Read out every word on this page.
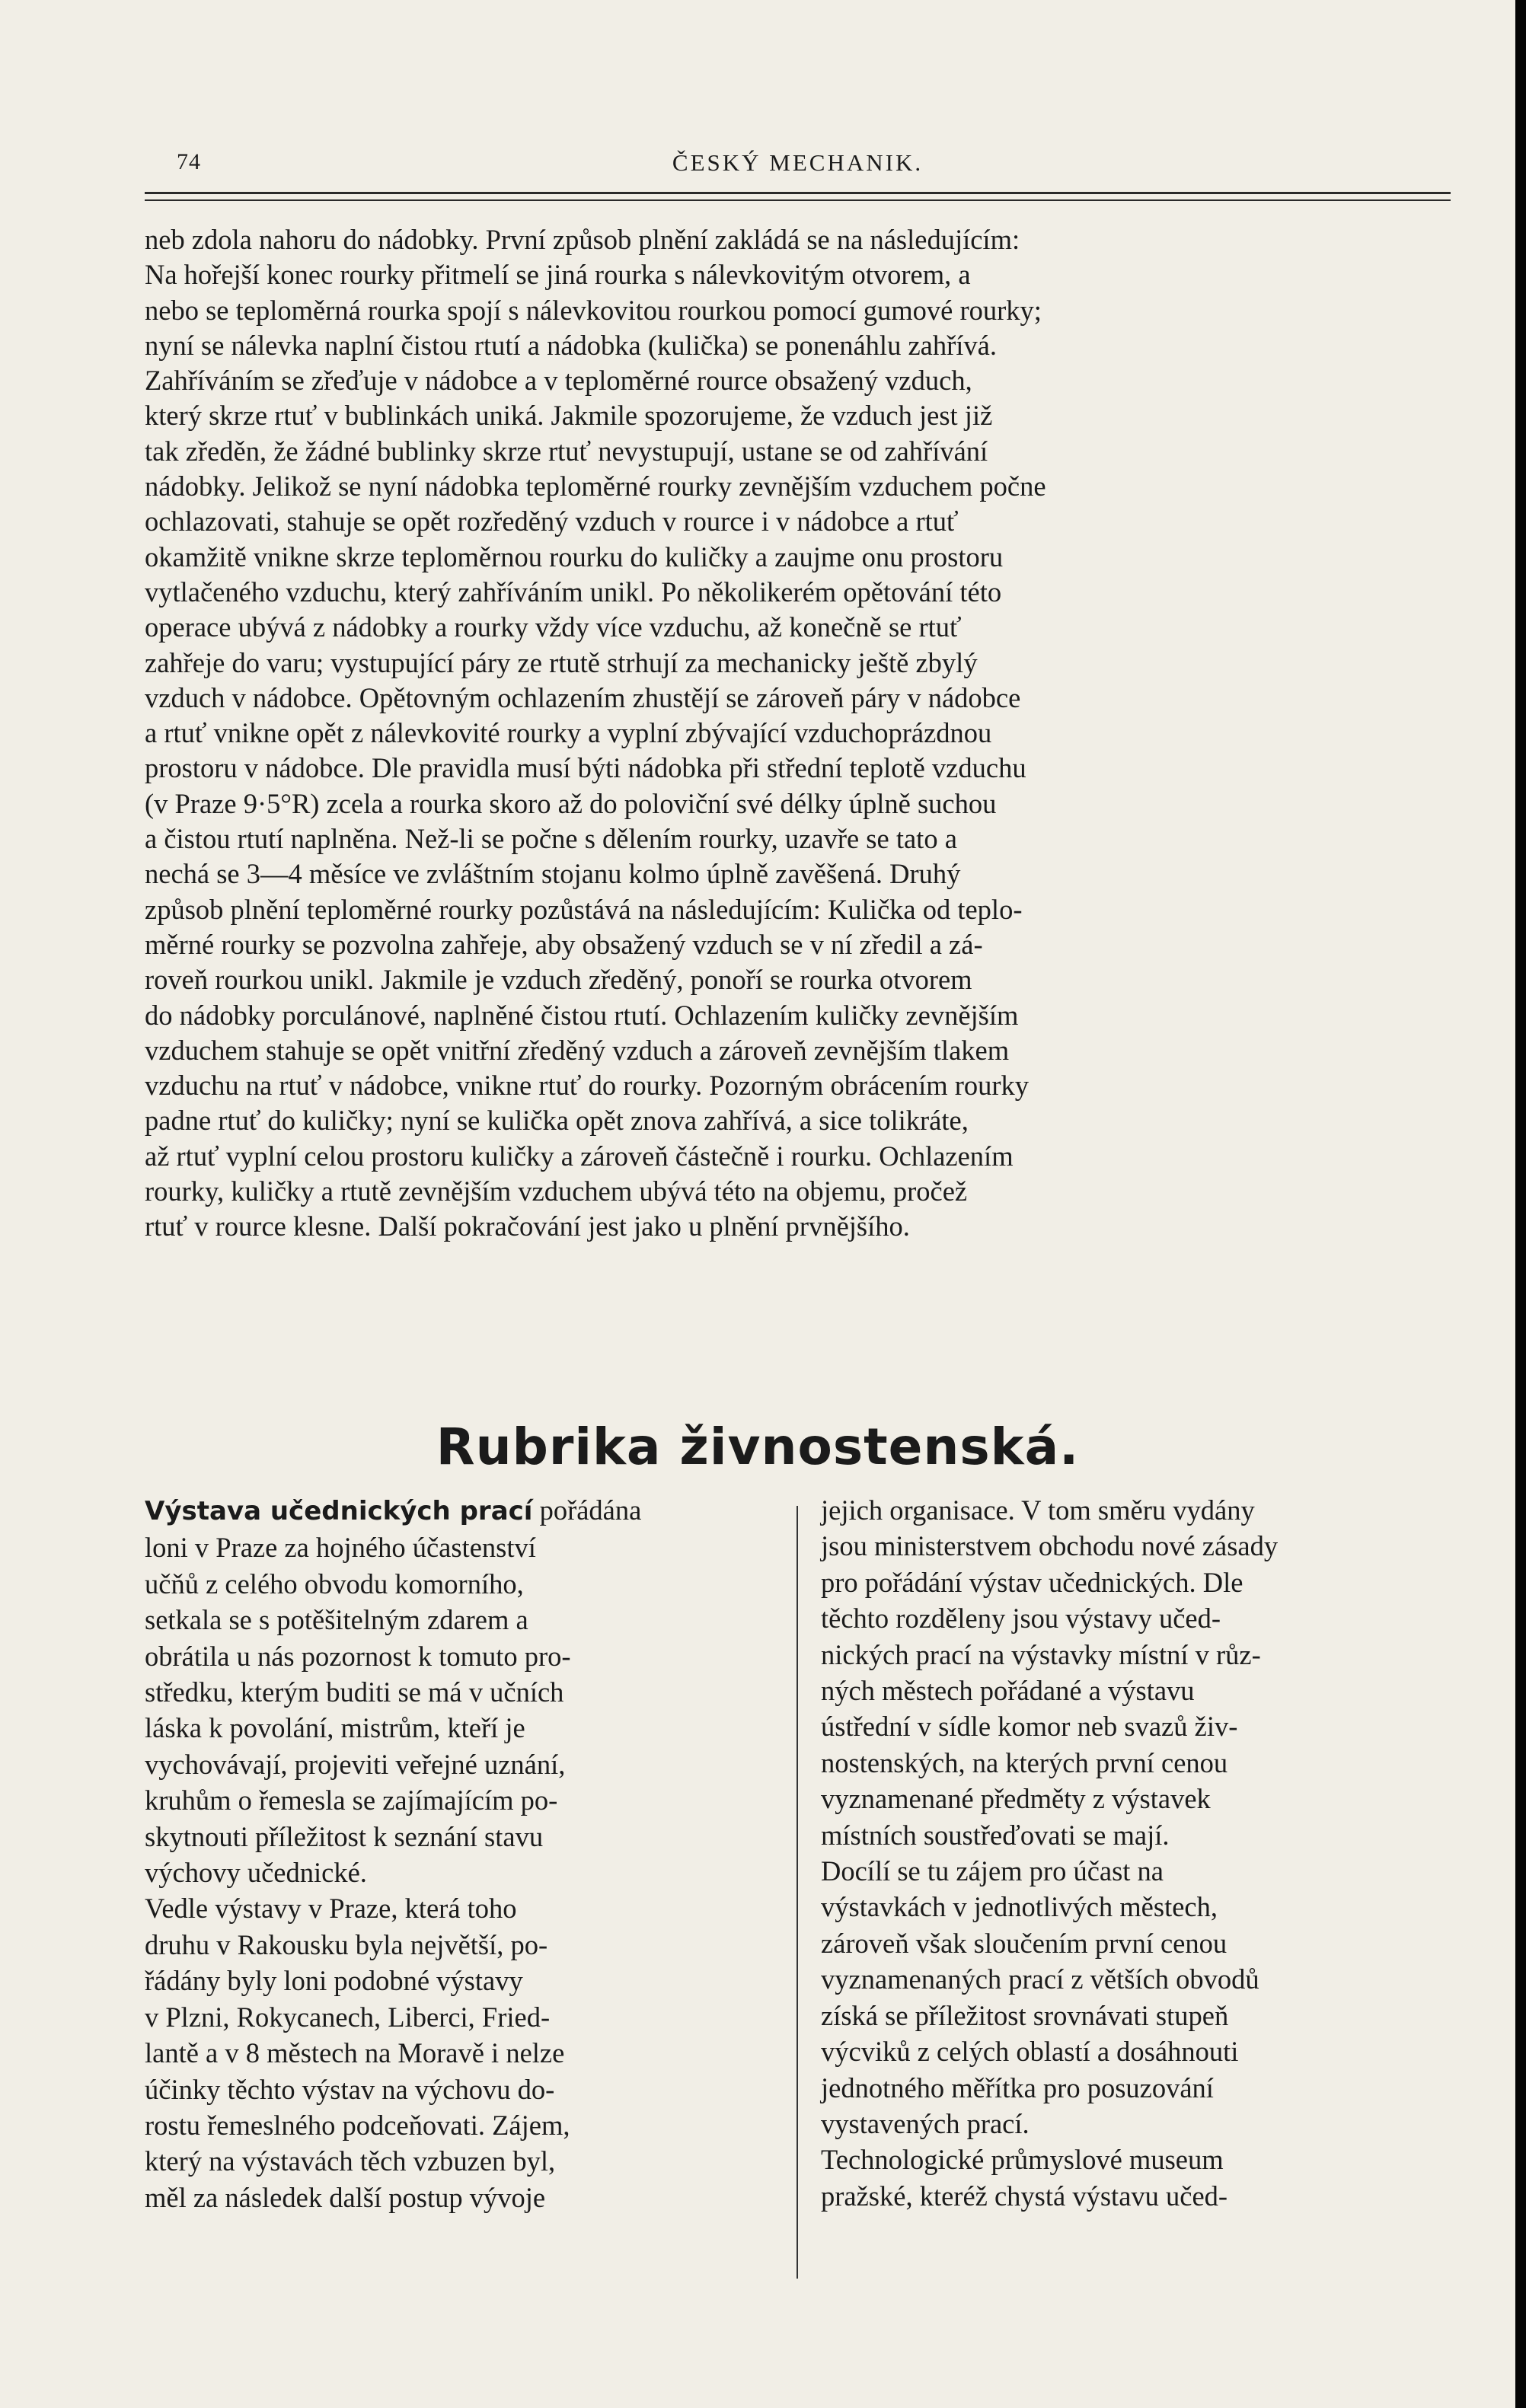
74	ČESKÝ MECHANIK.

neb zdola nahoru do nádobky. První způsob plnění zakládá se na následujícím:
Na hořejší konec rourky přitmelí se jiná rourka s nálevkovitým otvorem, a
nebo se teploměrná rourka spojí s nálevkovitou rourkou pomocí gumové rourky;
nyní se nálevka naplní čistou rtutí a nádobka (kulička) se ponenáhlu zahřívá.
Zahříváním se zřeďuje v nádobce a v teploměrné rource obsažený vzduch,
který skrze rtuť v bublinkách uniká. Jakmile spozorujeme, že vzduch jest již
tak zředěn, že žádné bublinky skrze rtuť nevystupují, ustane se od zahřívání
nádobky. Jelikož se nyní nádobka teploměrné rourky zevnějším vzduchem počne
ochlazovati, stahuje se opět rozředěný vzduch v rource i v nádobce a rtuť
okamžitě vnikne skrze teploměrnou rourku do kuličky a zaujme onu prostoru
vytlačeného vzduchu, který zahříváním unikl. Po několikerém opětování této
operace ubývá z nádobky a rourky vždy více vzduchu, až konečně se rtuť
zahřeje do varu; vystupující páry ze rtutě strhují za mechanicky ještě zbylý
vzduch v nádobce. Opětovným ochlazením zhustějí se zároveň páry v nádobce
a rtuť vnikne opět z nálevkovité rourky a vyplní zbývající vzduchoprázdnou
prostoru v nádobce. Dle pravidla musí býti nádobka při střední teplotě vzduchu
(v Praze 9·5°R) zcela a rourka skoro až do poloviční své délky úplně suchou
a čistou rtutí naplněna. Než-li se počne s dělením rourky, uzavře se tato a
nechá se 3—4 měsíce ve zvláštním stojanu kolmo úplně zavěšená. Druhý
způsob plnění teploměrné rourky pozůstává na následujícím: Kulička od teplo-
měrné rourky se pozvolna zahřeje, aby obsažený vzduch se v ní zředil a zá-
roveň rourkou unikl. Jakmile je vzduch zředěný, ponoří se rourka otvorem
do nádobky porculánové, naplněné čistou rtutí. Ochlazením kuličky zevnějším
vzduchem stahuje se opět vnitřní zředěný vzduch a zároveň zevnějším tlakem
vzduchu na rtuť v nádobce, vnikne rtuť do rourky. Pozorným obrácením rourky
padne rtuť do kuličky; nyní se kulička opět znova zahřívá, a sice tolikráte,
až rtuť vyplní celou prostoru kuličky a zároveň částečně i rourku. Ochlazením
rourky, kuličky a rtutě zevnějším vzduchem ubývá této na objemu, pročež
rtuť v rource klesne. Další pokračování jest jako u plnění prvnějšího.

Rubrika živnostenská.

Výstava učednických prací pořádána
loni v Praze za hojného účastenství
učňů z celého obvodu komorního,
setkala se s potěšitelným zdarem a
obrátila u nás pozornost k tomuto pro-
středku, kterým buditi se má v učních
láska k povolání, mistrům, kteří je
vychovávají, projeviti veřejné uznání,
kruhům o řemesla se zajímajícím po-
skytnouti příležitost k seznání stavu
výchovy učednické.

Vedle výstavy v Praze, která toho
druhu v Rakousku byla největší, po-
řádány byly loni podobné výstavy
v Plzni, Rokycanech, Liberci, Fried-
lantě a v 8 městech na Moravě i nelze
účinky těchto výstav na výchovu do-
rostu řemeslného podceňovati. Zájem,
který na výstavách těch vzbuzen byl,
měl za následek další postup vývoje

jejich organisace. V tom směru vydány
jsou ministerstvem obchodu nové zásady
pro pořádání výstav učednických. Dle
těchto rozděleny jsou výstavy učed-
nických prací na výstavky místní v růz-
ných městech pořádané a výstavu
ústřední v sídle komor neb svazů živ-
nostenských, na kterých první cenou
vyznamenané předměty z výstavek
místních soustřeďovati se mají.

Docílí se tu zájem pro účast na
výstavkách v jednotlivých městech,
zároveň však sloučením první cenou
vyznamenaných prací z větších obvodů
získá se příležitost srovnávati stupeň
výcviků z celých oblastí a dosáhnouti
jednotného měřítka pro posuzování
vystavených prací.

Technologické průmyslové museum
pražské, kteréž chystá výstavu učed-
